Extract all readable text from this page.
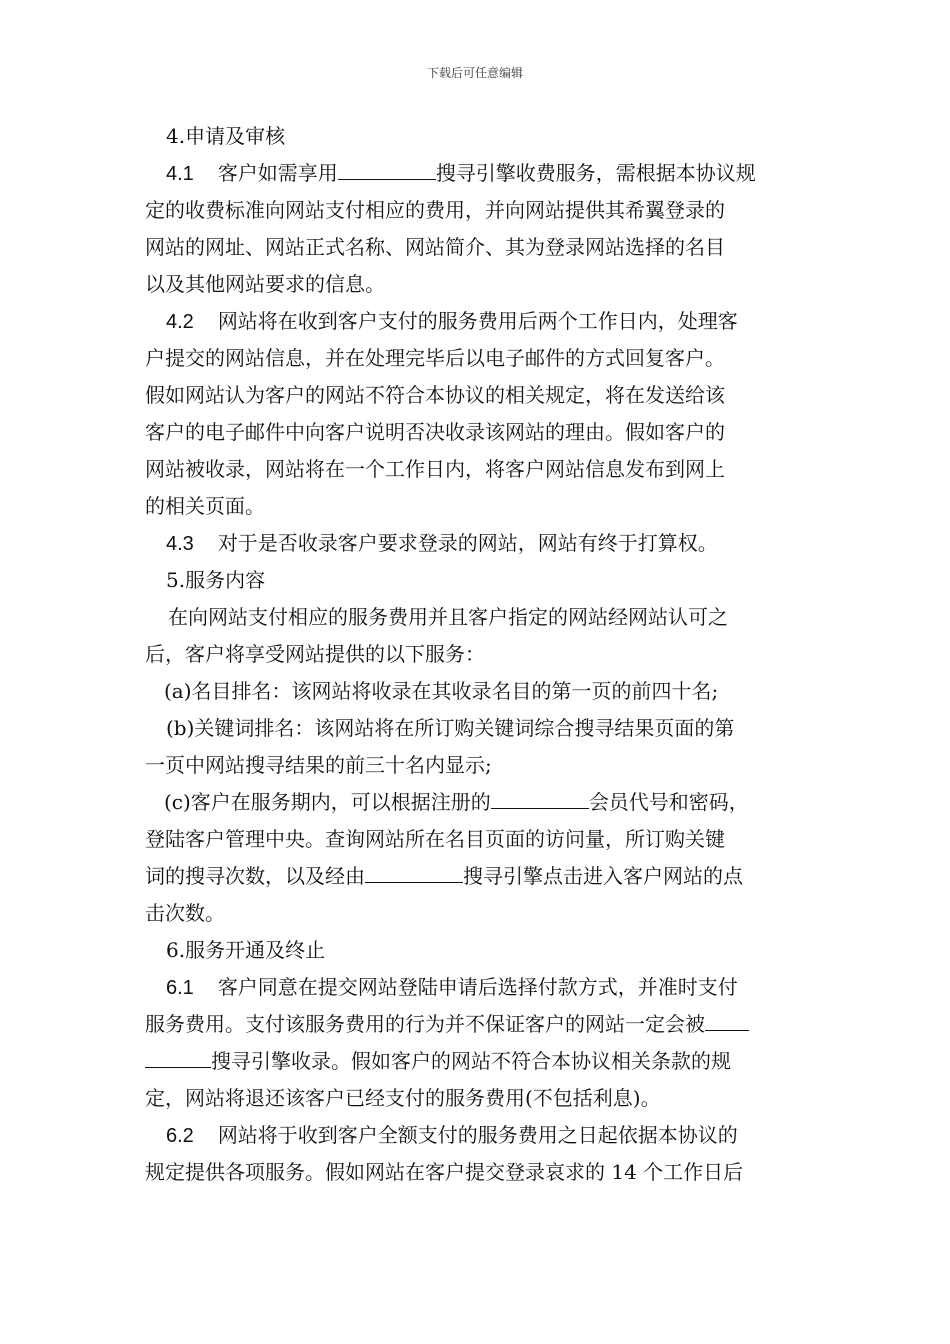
下载后可任意编辑
4.申请及审核
4.1 客户如需享用	搜寻引擎收费服务，需根据本协议规
定的收费标准向网站支付相应的费用，并向网站提供其希翼登录的
网站的网址、网站正式名称、网站简介、其为登录网站选择的名目
以及其他网站要求的信息。
4.2 网站将在收到客户支付的服务费用后两个工作日内，处理客
户提交的网站信息，并在处理完毕后以电子邮件的方式回复客户。
假如网站认为客户的网站不符合本协议的相关规定，将在发送给该
客户的电子邮件中向客户说明否决收录该网站的理由。假如客户的
网站被收录，网站将在一个工作日内，将客户网站信息发布到网上
的相关页面。
4.3 对于是否收录客户要求登录的网站，网站有终于打算权。
5.服务内容
在向网站支付相应的服务费用并且客户指定的网站经网站认可之
后，客户将享受网站提供的以下服务：
(a)名目排名：该网站将收录在其收录名目的第一页的前四十名;
(b)关键词排名：该网站将在所订购关键词综合搜寻结果页面的第
一页中网站搜寻结果的前三十名内显示;
(c)客户在服务期内，可以根据注册的	会员代号和密码，
登陆客户管理中央。查询网站所在名目页面的访问量，所订购关键
词的搜寻次数，以及经由	搜寻引擎点击进入客户网站的点
击次数。
6.服务开通及终止
6.1 客户同意在提交网站登陆申请后选择付款方式，并准时支付
服务费用。支付该服务费用的行为并不保证客户的网站一定会被
搜寻引擎收录。假如客户的网站不符合本协议相关条款的规
定，网站将退还该客户已经支付的服务费用(不包括利息)。
6.2 网站将于收到客户全额支付的服务费用之日起依据本协议的
规定提供各项服务。假如网站在客户提交登录哀求的 14 个工作日后
